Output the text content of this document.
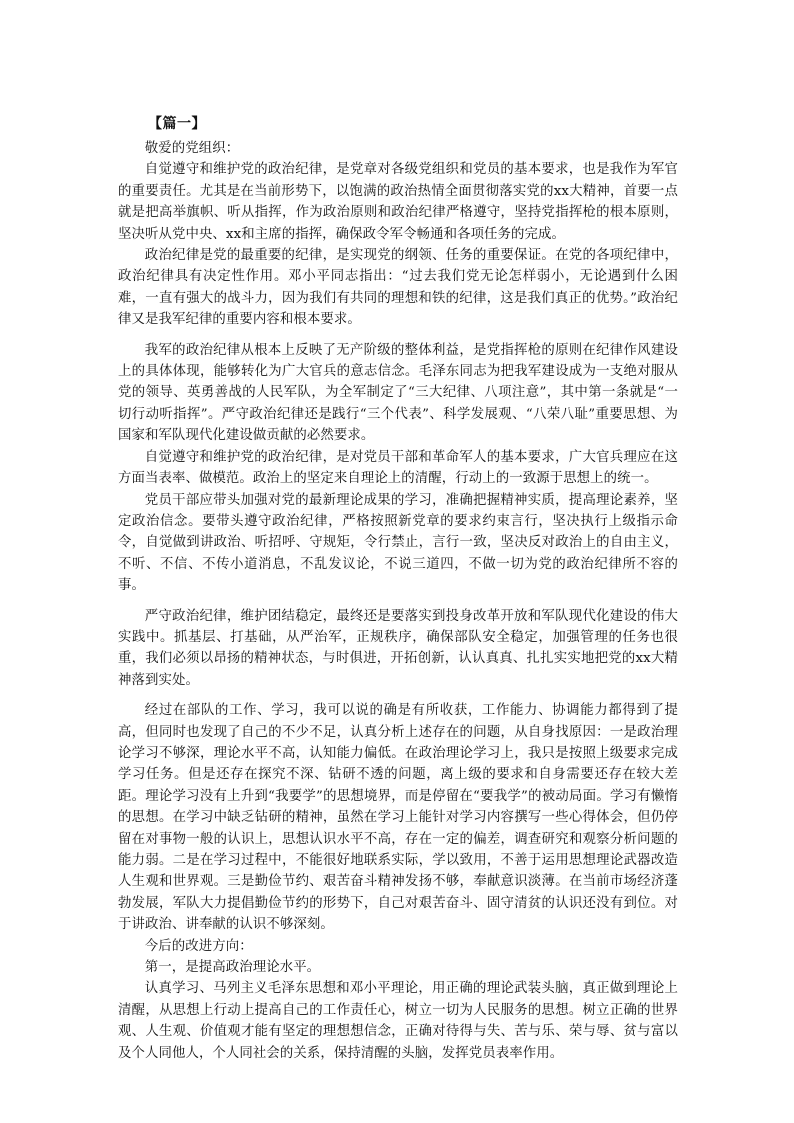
【篇一】

敬爱的党组织：

自觉遵守和维护党的政治纪律，是党章对各级党组织和党员的基本要求，也是我作为军官的重要责任。尤其是在当前形势下，以饱满的政治热情全面贯彻落实党的xx大精神，首要一点就是把高举旗帜、听从指挥，作为政治原则和政治纪律严格遵守，坚持党指挥枪的根本原则，坚决听从党中央、xx和主席的指挥，确保政令军令畅通和各项任务的完成。

政治纪律是党的最重要的纪律，是实现党的纲领、任务的重要保证。在党的各项纪律中，政治纪律具有决定性作用。邓小平同志指出：“过去我们党无论怎样弱小，无论遇到什么困难，一直有强大的战斗力，因为我们有共同的理想和铁的纪律，这是我们真正的优势。”政治纪律又是我军纪律的重要内容和根本要求。

我军的政治纪律从根本上反映了无产阶级的整体利益，是党指挥枪的原则在纪律作风建设上的具体体现，能够转化为广大官兵的意志信念。毛泽东同志为把我军建设成为一支绝对服从党的领导、英勇善战的人民军队，为全军制定了“三大纪律、八项注意”，其中第一条就是“一切行动听指挥”。严守政治纪律还是践行“三个代表”、科学发展观、“八荣八耻”重要思想、为国家和军队现代化建设做贡献的必然要求。

自觉遵守和维护党的政治纪律，是对党员干部和革命军人的基本要求，广大官兵理应在这方面当表率、做模范。政治上的坚定来自理论上的清醒，行动上的一致源于思想上的统一。

党员干部应带头加强对党的最新理论成果的学习，准确把握精神实质，提高理论素养，坚定政治信念。要带头遵守政治纪律，严格按照新党章的要求约束言行，坚决执行上级指示命令，自觉做到讲政治、听招呼、守规矩，令行禁止，言行一致，坚决反对政治上的自由主义，不听、不信、不传小道消息，不乱发议论，不说三道四，不做一切为党的政治纪律所不容的事。

严守政治纪律，维护团结稳定，最终还是要落实到投身改革开放和军队现代化建设的伟大实践中。抓基层、打基础，从严治军，正规秩序，确保部队安全稳定，加强管理的任务也很重，我们必须以昂扬的精神状态，与时俱进，开拓创新，认认真真、扎扎实实地把党的xx大精神落到实处。

经过在部队的工作、学习，我可以说的确是有所收获，工作能力、协调能力都得到了提高，但同时也发现了自己的不少不足，认真分析上述存在的问题，从自身找原因：一是政治理论学习不够深，理论水平不高，认知能力偏低。在政治理论学习上，我只是按照上级要求完成学习任务。但是还存在探究不深、钻研不透的问题，离上级的要求和自身需要还存在较大差距。理论学习没有上升到“我要学”的思想境界，而是停留在“要我学”的被动局面。学习有懒惰的思想。在学习中缺乏钻研的精神，虽然在学习上能针对学习内容撰写一些心得体会，但仍停留在对事物一般的认识上，思想认识水平不高，存在一定的偏差，调查研究和观察分析问题的能力弱。二是在学习过程中，不能很好地联系实际，学以致用，不善于运用思想理论武器改造人生观和世界观。三是勤俭节约、艰苦奋斗精神发扬不够，奉献意识淡薄。在当前市场经济蓬勃发展，军队大力提倡勤俭节约的形势下，自己对艰苦奋斗、固守清贫的认识还没有到位。对于讲政治、讲奉献的认识不够深刻。

今后的改进方向：

第一，是提高政治理论水平。

认真学习、马列主义毛泽东思想和邓小平理论，用正确的理论武装头脑，真正做到理论上清醒，从思想上行动上提高自己的工作责任心，树立一切为人民服务的思想。树立正确的世界观、人生观、价值观才能有坚定的理想想信念，正确对待得与失、苦与乐、荣与辱、贫与富以及个人同他人，个人同社会的关系，保持清醒的头脑，发挥党员表率作用。
